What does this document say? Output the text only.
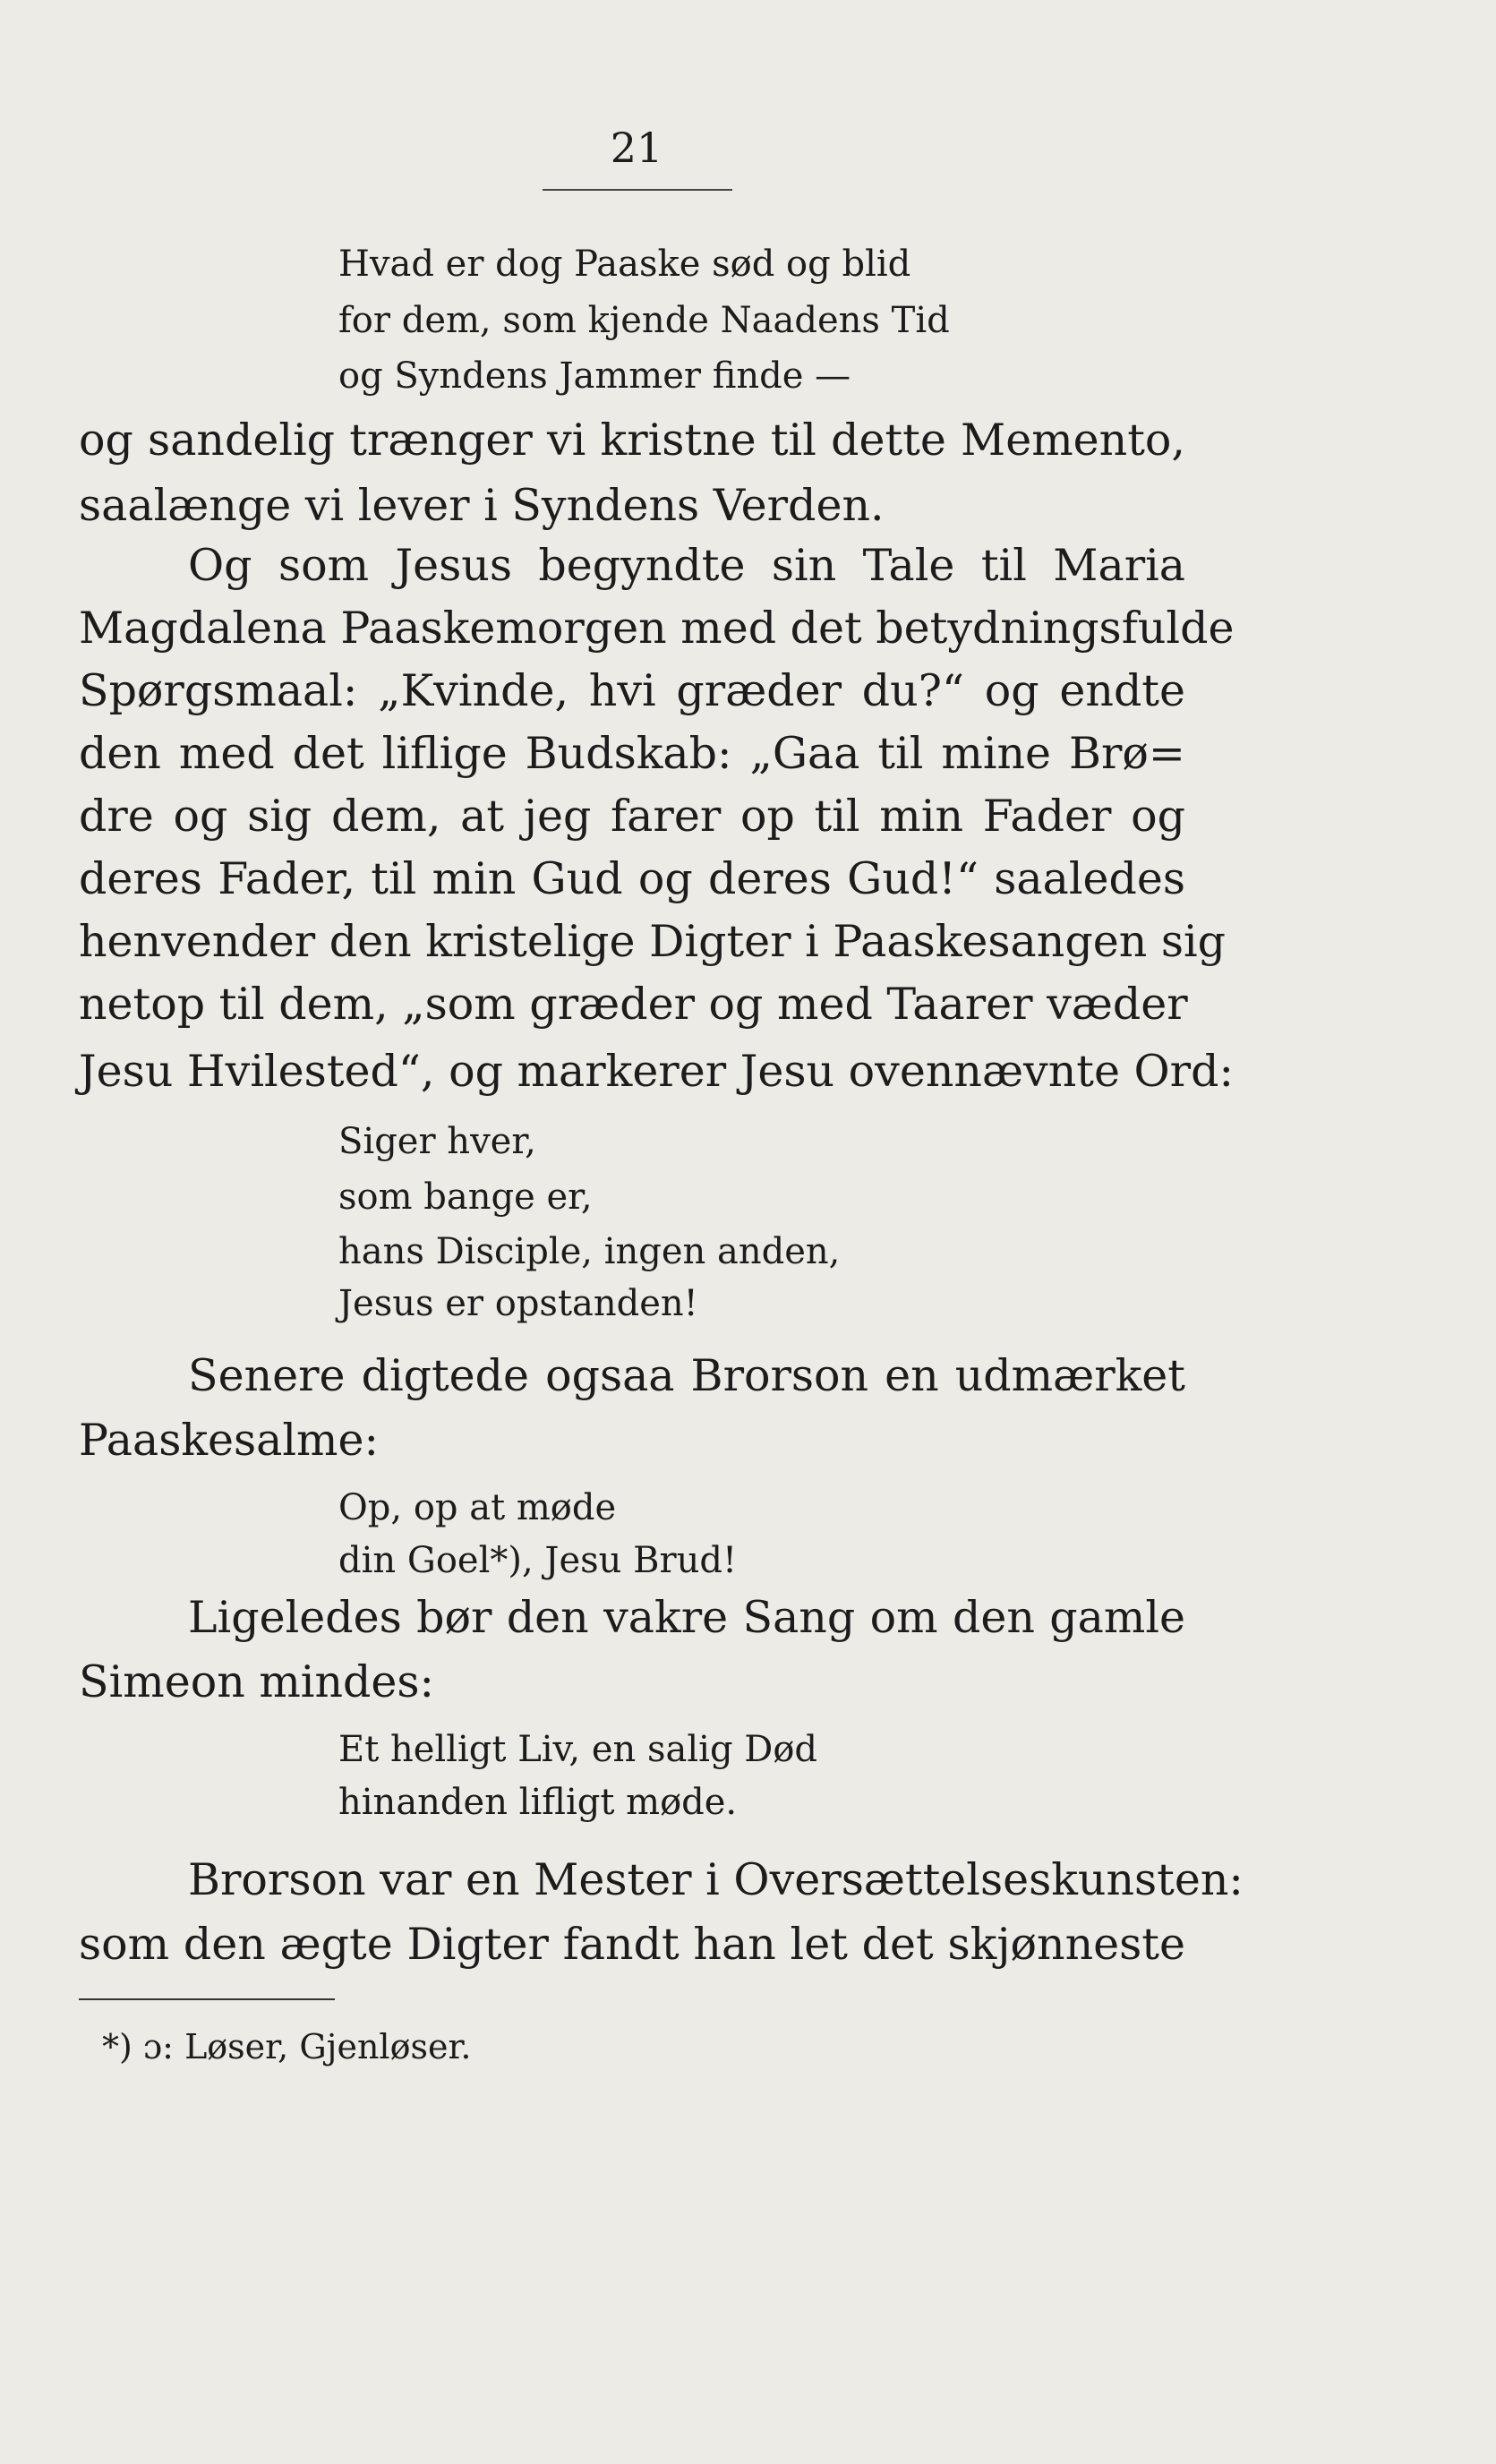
21
Hvad er dog Paaske sød og blid
for dem, som kjende Naadens Tid
og Syndens Jammer finde —
og sandelig trænger vi kristne til dette Memento,
saalænge vi lever i Syndens Verden.
Og som Jesus begyndte sin Tale til Maria
Magdalena Paaskemorgen med det betydningsfulde
Spørgsmaal: „Kvinde, hvi græder du?“ og endte
den med det liflige Budskab: „Gaa til mine Brø=
dre og sig dem, at jeg farer op til min Fader og
deres Fader, til min Gud og deres Gud!“ saaledes
henvender den kristelige Digter i Paaskesangen sig
netop til dem, „som græder og med Taarer væder
Jesu Hvilested“, og markerer Jesu ovennævnte Ord:
Siger hver,
som bange er,
hans Disciple, ingen anden,
Jesus er opstanden!
Senere digtede ogsaa Brorson en udmærket
Paaskesalme:
Op, op at møde
din Goel*), Jesu Brud!
Ligeledes bør den vakre Sang om den gamle
Simeon mindes:
Et helligt Liv, en salig Død
hinanden lifligt møde.
Brorson var en Mester i Oversættelseskunsten:
som den ægte Digter fandt han let det skjønneste
*) ɔ: Løser, Gjenløser.
